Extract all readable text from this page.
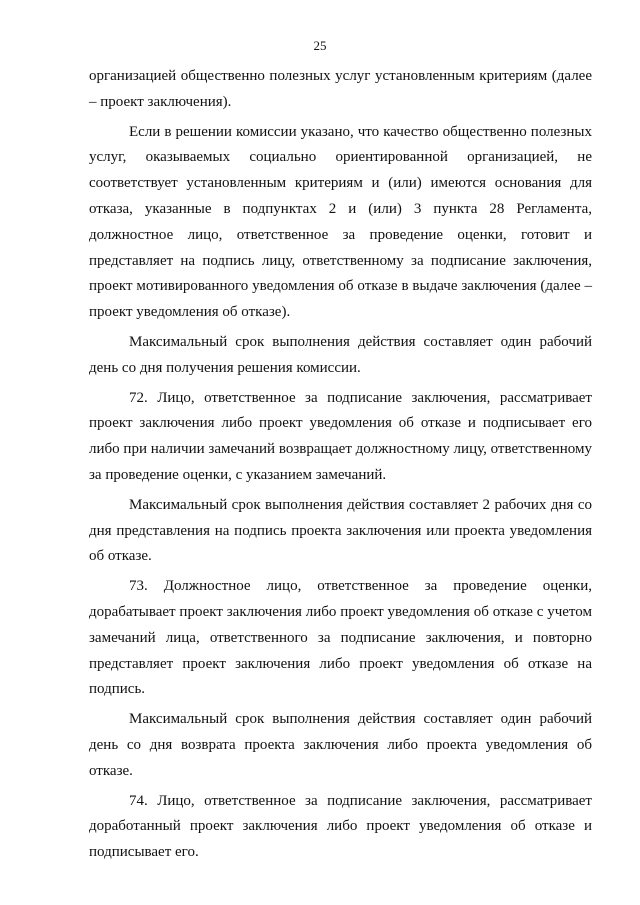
25

организацией общественно полезных услуг установленным критериям (далее – проект заключения).

Если в решении комиссии указано, что качество общественно полезных услуг, оказываемых социально ориентированной организацией, не соответствует установленным критериям и (или) имеются основания для отказа, указанные в подпунктах 2 и (или) 3 пункта 28 Регламента, должностное лицо, ответственное за проведение оценки, готовит и представляет на подпись лицу, ответственному за подписание заключения, проект мотивированного уведомления об отказе в выдаче заключения (далее – проект уведомления об отказе).

Максимальный срок выполнения действия составляет один рабочий день со дня получения решения комиссии.

72. Лицо, ответственное за подписание заключения, рассматривает проект заключения либо проект уведомления об отказе и подписывает его либо при наличии замечаний возвращает должностному лицу, ответственному за проведение оценки, с указанием замечаний.

Максимальный срок выполнения действия составляет 2 рабочих дня со дня представления на подпись проекта заключения или проекта уведомления об отказе.

73. Должностное лицо, ответственное за проведение оценки, дорабатывает проект заключения либо проект уведомления об отказе с учетом замечаний лица, ответственного за подписание заключения, и повторно представляет проект заключения либо проект уведомления об отказе на подпись.

Максимальный срок выполнения действия составляет один рабочий день со дня возврата проекта заключения либо проекта уведомления об отказе.

74. Лицо, ответственное за подписание заключения, рассматривает доработанный проект заключения либо проект уведомления об отказе и подписывает его.
